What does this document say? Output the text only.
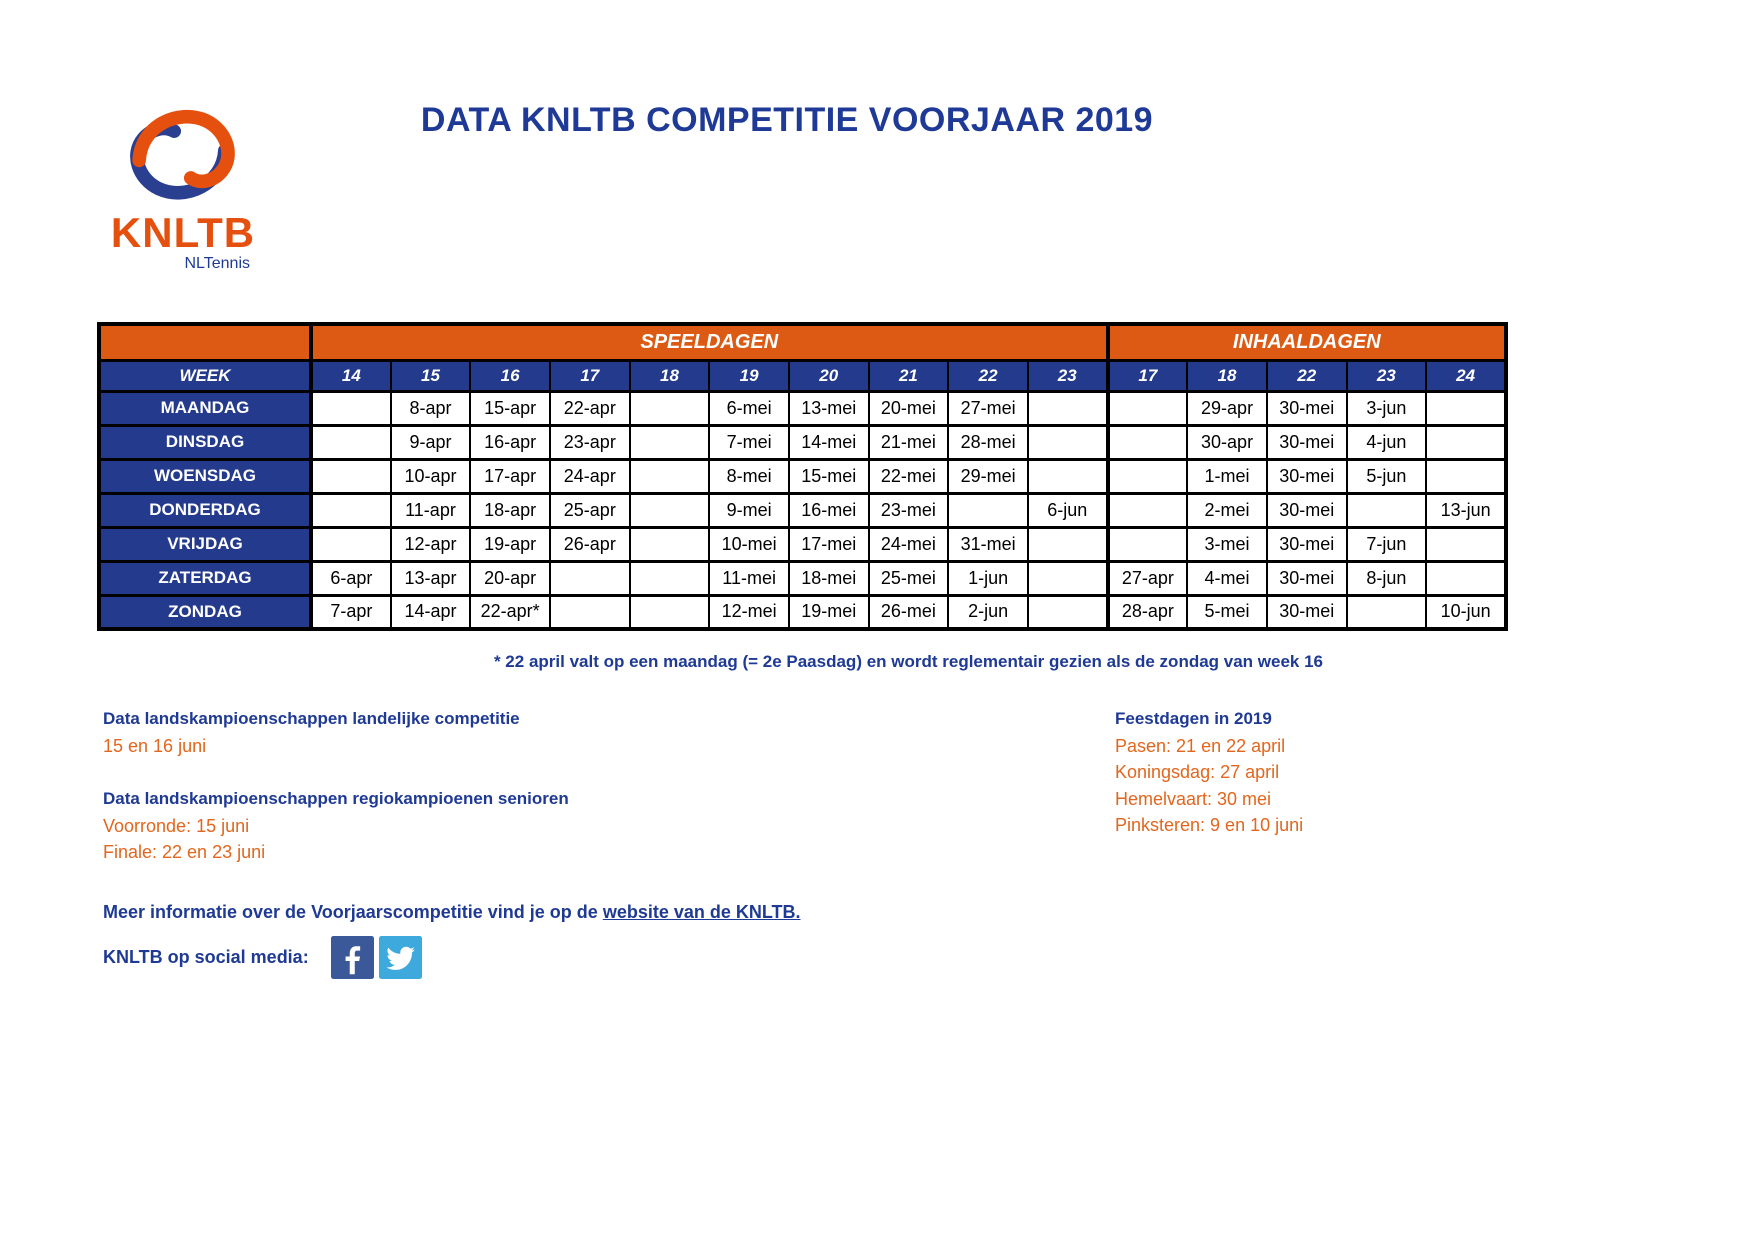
KNLTB
NLTennis
DATA KNLTB COMPETITIE VOORJAAR 2019
	SPEELDAGEN										INHAALDAGEN				
WEEK	14	15	16	17	18	19	20	21	22	23	17	18	22	23	24
MAANDAG		8-apr	15-apr	22-apr		6-mei	13-mei	20-mei	27-mei			29-apr	30-mei	3-jun	
DINSDAG		9-apr	16-apr	23-apr		7-mei	14-mei	21-mei	28-mei			30-apr	30-mei	4-jun	
WOENSDAG		10-apr	17-apr	24-apr		8-mei	15-mei	22-mei	29-mei			1-mei	30-mei	5-jun	
DONDERDAG		11-apr	18-apr	25-apr		9-mei	16-mei	23-mei		6-jun		2-mei	30-mei		13-jun
VRIJDAG		12-apr	19-apr	26-apr		10-mei	17-mei	24-mei	31-mei			3-mei	30-mei	7-jun	
ZATERDAG	6-apr	13-apr	20-apr			11-mei	18-mei	25-mei	1-jun		27-apr	4-mei	30-mei	8-jun	
ZONDAG	7-apr	14-apr	22-apr*			12-mei	19-mei	26-mei	2-jun		28-apr	5-mei	30-mei		10-jun
* 22 april valt op een maandag (= 2e Paasdag) en wordt reglementair gezien als de zondag van week 16
Data landskampioenschappen landelijke competitie
15 en 16 juni
Data landskampioenschappen regiokampioenen senioren
Voorronde: 15 juni
Finale: 22 en 23 juni
Feestdagen in 2019
Pasen: 21 en 22 april
Koningsdag: 27 april
Hemelvaart: 30 mei
Pinksteren: 9 en 10 juni
Meer informatie over de Voorjaarscompetitie vind je op de website van de KNLTB.
KNLTB op social media:
